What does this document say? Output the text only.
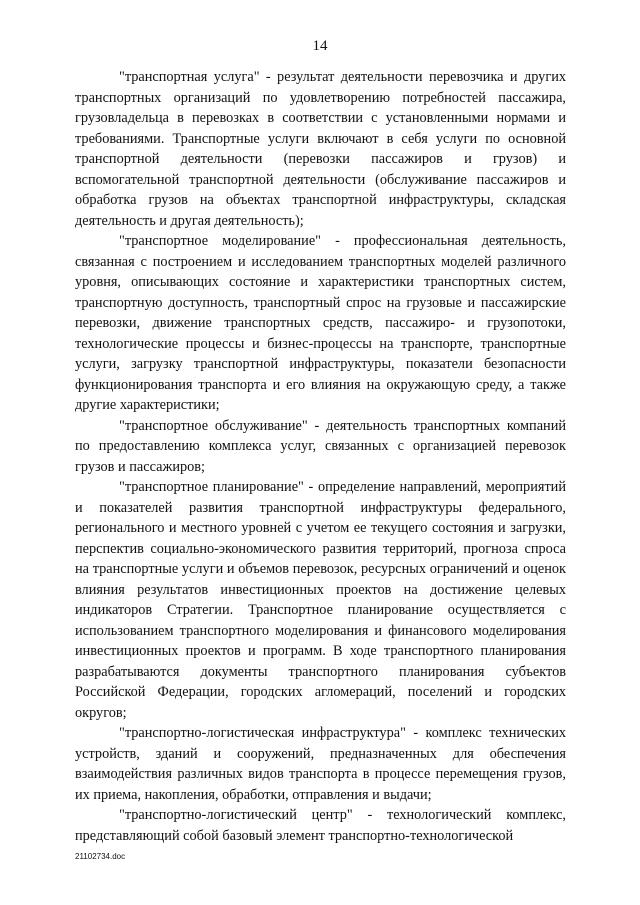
14

"транспортная услуга" - результат деятельности перевозчика и других транспортных организаций по удовлетворению потребностей пассажира, грузовладельца в перевозках в соответствии с установленными нормами и требованиями. Транспортные услуги включают в себя услуги по основной транспортной деятельности (перевозки пассажиров и грузов) и вспомогательной транспортной деятельности (обслуживание пассажиров и обработка грузов на объектах транспортной инфраструктуры, складская деятельность и другая деятельность);

"транспортное моделирование" - профессиональная деятельность, связанная с построением и исследованием транспортных моделей различного уровня, описывающих состояние и характеристики транспортных систем, транспортную доступность, транспортный спрос на грузовые и пассажирские перевозки, движение транспортных средств, пассажиро- и грузопотоки, технологические процессы и бизнес-процессы на транспорте, транспортные услуги, загрузку транспортной инфраструктуры, показатели безопасности функционирования транспорта и его влияния на окружающую среду, а также другие характеристики;

"транспортное обслуживание" - деятельность транспортных компаний по предоставлению комплекса услуг, связанных с организацией перевозок грузов и пассажиров;

"транспортное планирование" - определение направлений, мероприятий и показателей развития транспортной инфраструктуры федерального, регионального и местного уровней с учетом ее текущего состояния и загрузки, перспектив социально-экономического развития территорий, прогноза спроса на транспортные услуги и объемов перевозок, ресурсных ограничений и оценок влияния результатов инвестиционных проектов на достижение целевых индикаторов Стратегии. Транспортное планирование осуществляется с использованием транспортного моделирования и финансового моделирования инвестиционных проектов и программ. В ходе транспортного планирования разрабатываются документы транспортного планирования субъектов Российской Федерации, городских агломераций, поселений и городских округов;

"транспортно-логистическая инфраструктура" - комплекс технических устройств, зданий и сооружений, предназначенных для обеспечения взаимодействия различных видов транспорта в процессе перемещения грузов, их приема, накопления, обработки, отправления и выдачи;

"транспортно-логистический центр" - технологический комплекс, представляющий собой базовый элемент транспортно-технологической

21102734.doc
